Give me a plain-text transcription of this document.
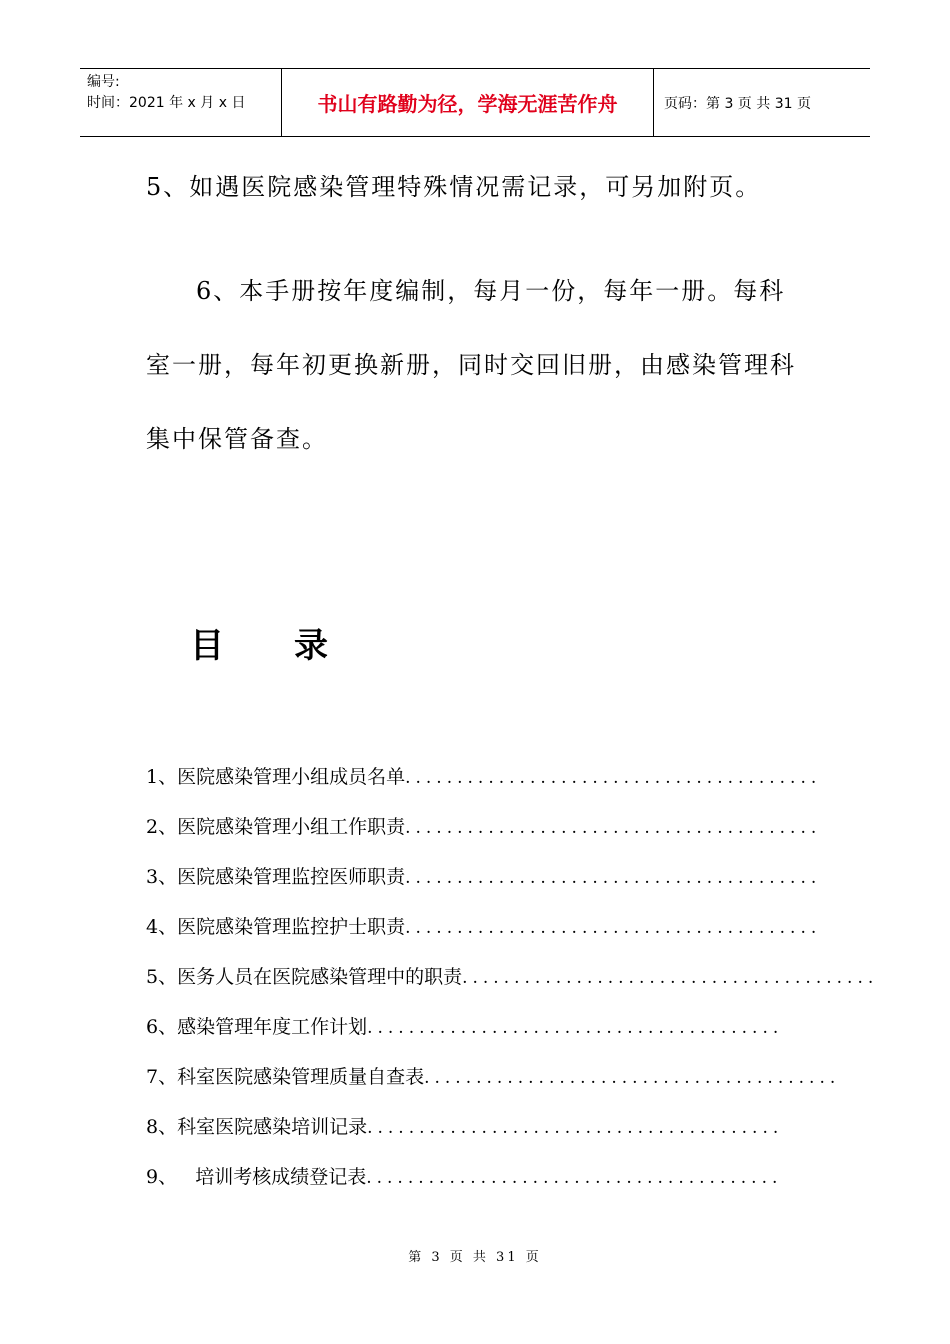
编号:
时间：2021 年 x 月 x 日	书山有路勤为径，学海无涯苦作舟	页码：第 3 页 共 31 页
5、如遇医院感染管理特殊情况需记录，可另加附页。
6、本手册按年度编制，每月一份，每年一册。每科室一册，每年初更换新册，同时交回旧册，由感染管理科集中保管备查。
目 录
1、医院感染管理小组成员名单 ........................................
2、医院感染管理小组工作职责 ........................................
3、医院感染管理监控医师职责 ........................................
4、医院感染管理监控护士职责 ........................................
5、医务人员在医院感染管理中的职责 ........................................
6、感染管理年度工作计划 ........................................
7、科室医院感染管理质量自查表 ........................................
8、科室医院感染培训记录 ........................................
9、   培训考核成绩登记表 ........................................
第 3 页 共 31 页
